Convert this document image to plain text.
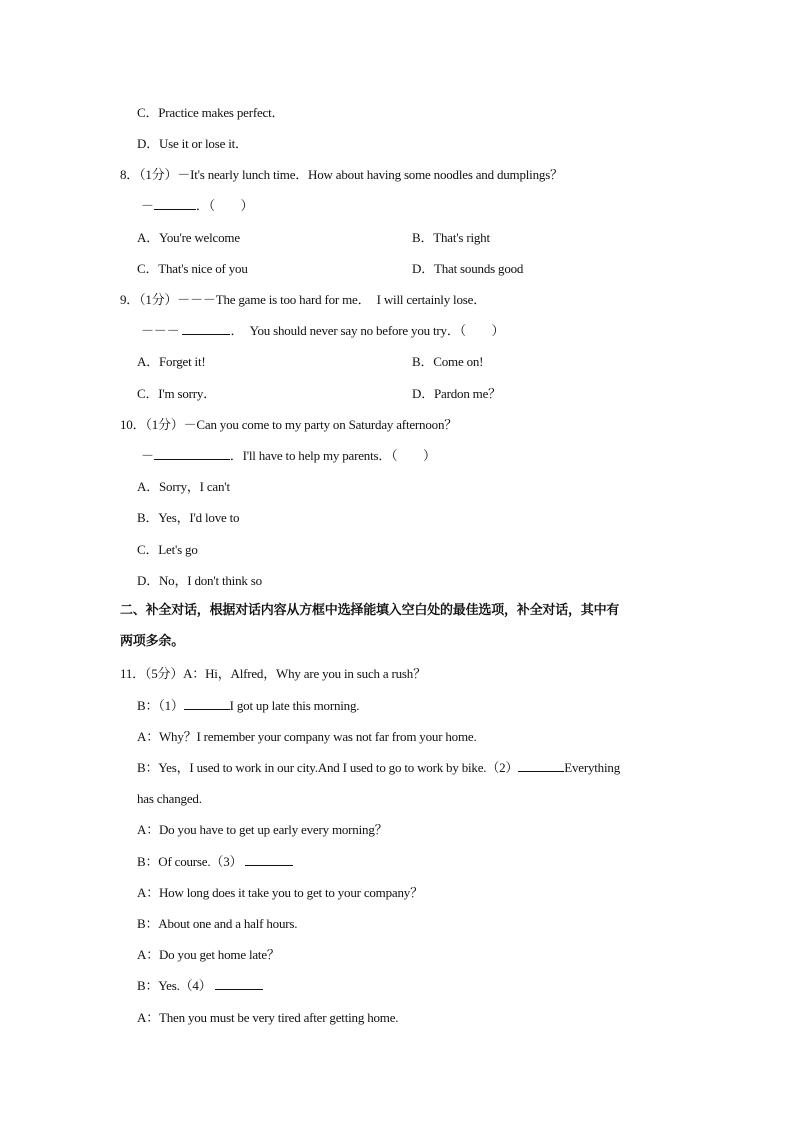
C．Practice makes perfect．
D．Use it or lose it．
8．（1分）－It's nearly lunch time．How about having some noodles and dumplings？
－	．（　　）
A．You're welcome	B．That's right
C．That's nice of you	D．That sounds good
9．（1分）－－－The game is too hard for me．　I will certainly lose．
－－－	．　You should never say no before you try．（　　）
A．Forget it!	B．Come on!
C．I'm sorry．	D．Pardon me？
10．（1分）－Can you come to my party on Saturday afternoon？
－	．I'll have to help my parents．（　　）
A．Sorry，I can't
B．Yes，I'd love to
C．Let's go
D．No，I don't think so
二、补全对话，根据对话内容从方框中选择能填入空白处的最佳选项，补全对话，其中有
两项多余。
11．（5分）A：Hi，Alfred，Why are you in such a rush？
B：（1）	I got up late this morning.
A：Why？I remember your company was not far from your home.
B：Yes，I used to work in our city.And I used to go to work by bike.（2）	Everything
has changed.
A：Do you have to get up early every morning？
B：Of course.（3）
A：How long does it take you to get to your company？
B：About one and a half hours.
A：Do you get home late？
B：Yes.（4）
A：Then you must be very tired after getting home.
